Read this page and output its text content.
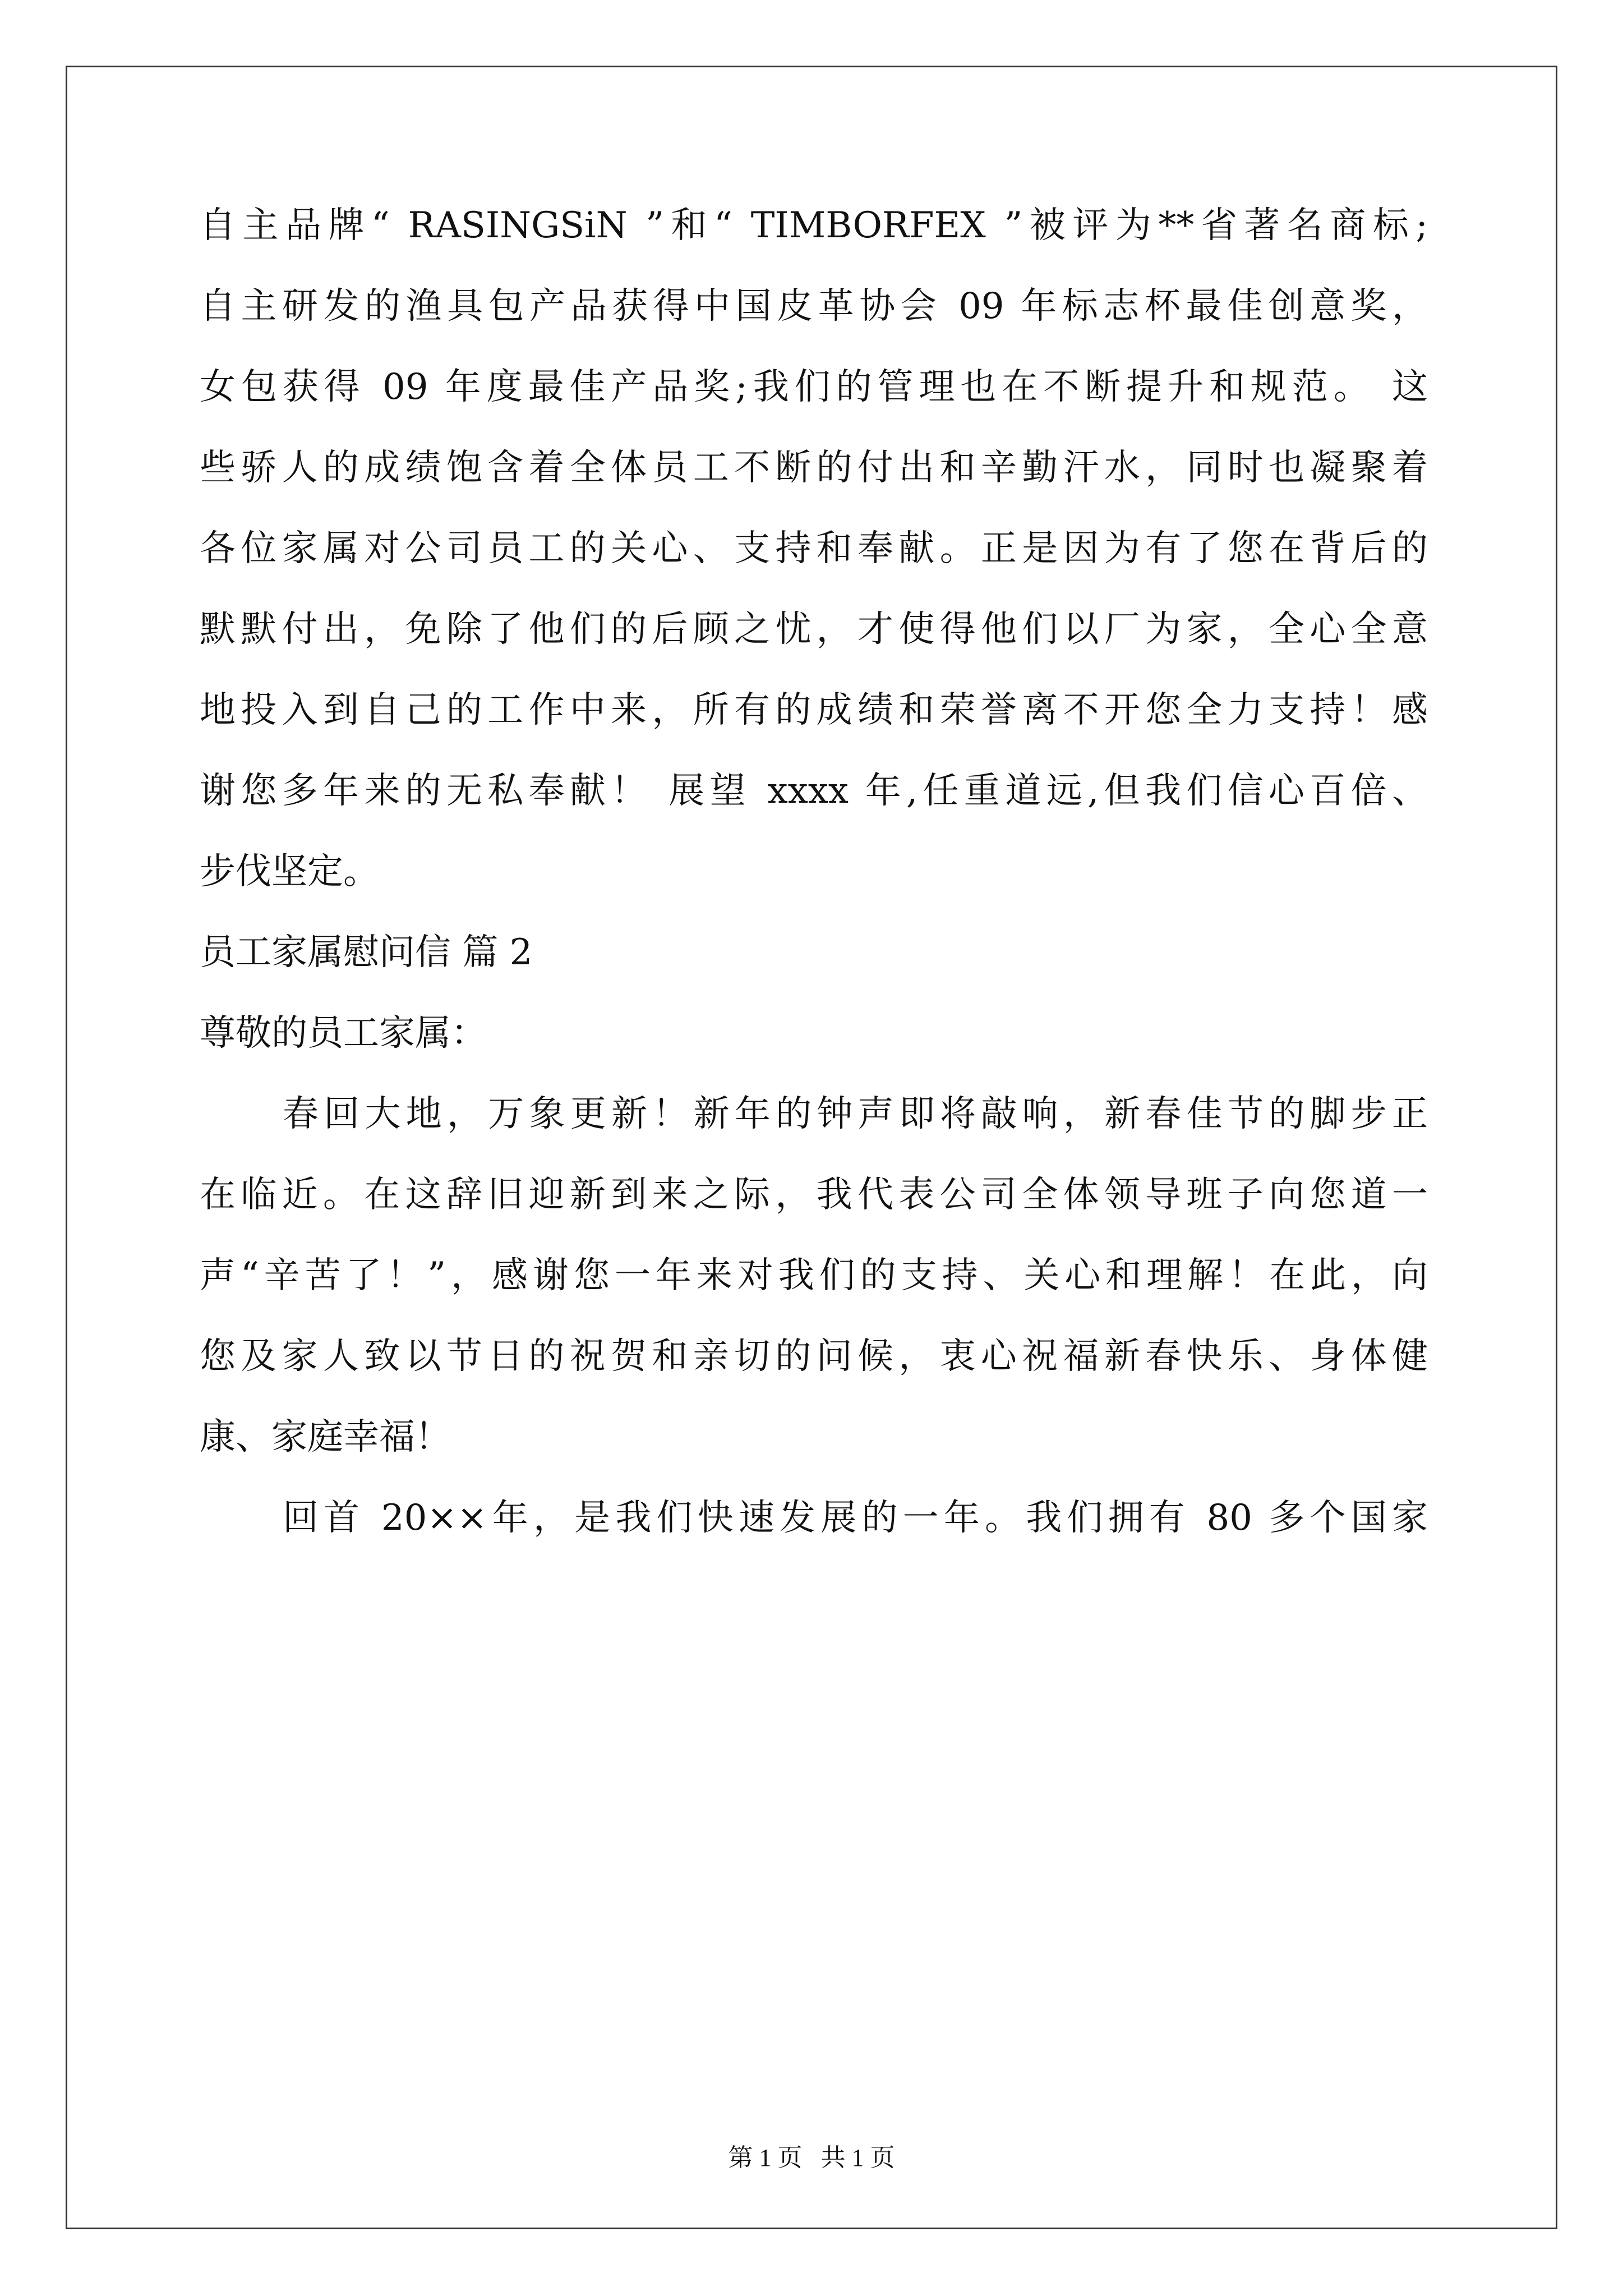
自主品牌“ RASINGSiN ”和“ TIMBORFEX ”被评为**省著名商标;
自主研发的渔具包产品获得中国皮革协会 09 年标志杯最佳创意奖，
女包获得 09 年度最佳产品奖;我们的管理也在不断提升和规范。 这
些骄人的成绩饱含着全体员工不断的付出和辛勤汗水，同时也凝聚着
各位家属对公司员工的关心、支持和奉献。正是因为有了您在背后的
默默付出，免除了他们的后顾之忧，才使得他们以厂为家，全心全意
地投入到自己的工作中来，所有的成绩和荣誉离不开您全力支持！感
谢您多年来的无私奉献！ 展望 xxxx 年,任重道远,但我们信心百倍、
步伐坚定。
员工家属慰问信 篇 2
尊敬的员工家属：
春回大地，万象更新！新年的钟声即将敲响，新春佳节的脚步正
在临近。在这辞旧迎新到来之际，我代表公司全体领导班子向您道一
声“辛苦了！”，感谢您一年来对我们的支持、关心和理解！在此，向
您及家人致以节日的祝贺和亲切的问候，衷心祝福新春快乐、身体健
康、家庭幸福！
回首 20××年，是我们快速发展的一年。我们拥有 80 多个国家
第 1 页   共 1 页
